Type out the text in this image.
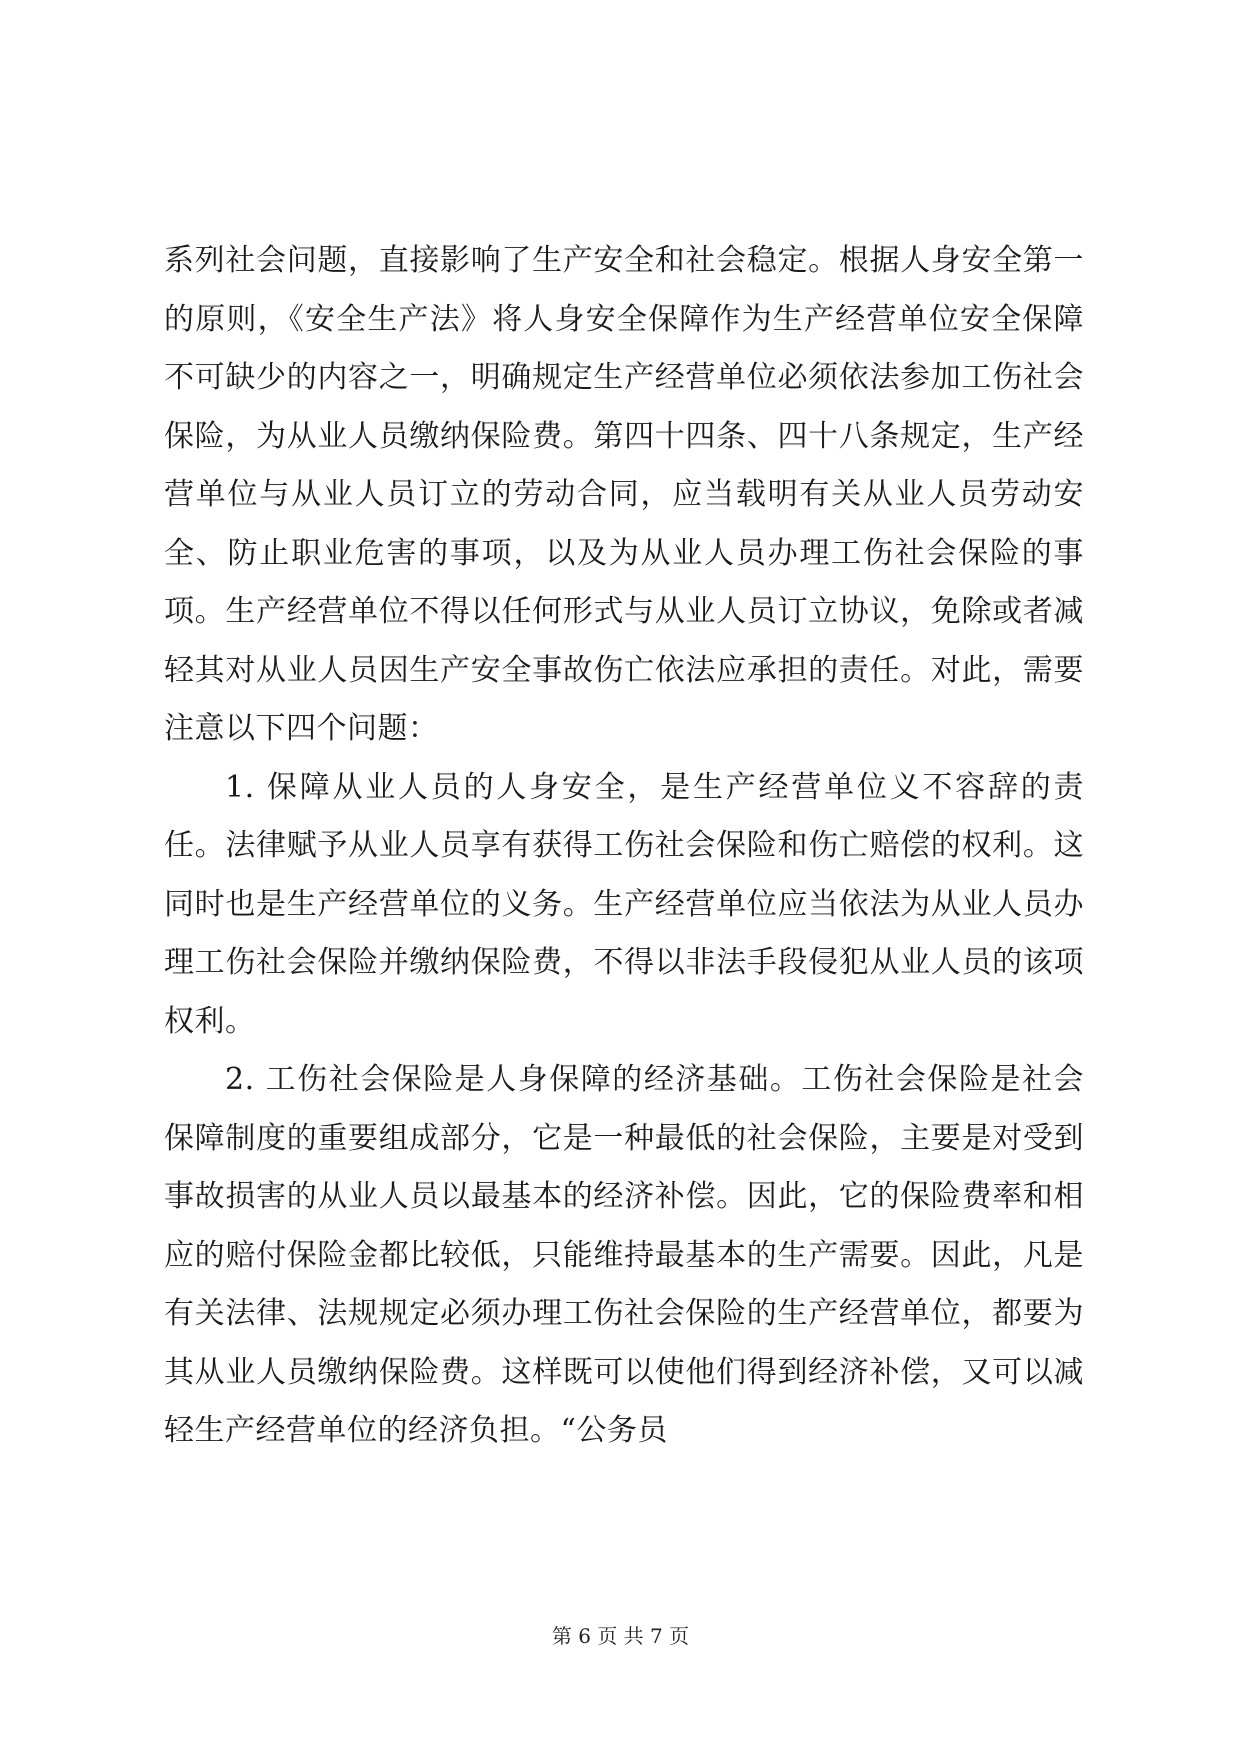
系列社会问题，直接影响了生产安全和社会稳定。根据人身安全第一的原则，《安全生产法》将人身安全保障作为生产经营单位安全保障不可缺少的内容之一，明确规定生产经营单位必须依法参加工伤社会保险，为从业人员缴纳保险费。第四十四条、四十八条规定，生产经营单位与从业人员订立的劳动合同，应当载明有关从业人员劳动安全、防止职业危害的事项，以及为从业人员办理工伤社会保险的事项。生产经营单位不得以任何形式与从业人员订立协议，免除或者减轻其对从业人员因生产安全事故伤亡依法应承担的责任。对此，需要注意以下四个问题：

1. 保障从业人员的人身安全，是生产经营单位义不容辞的责任。法律赋予从业人员享有获得工伤社会保险和伤亡赔偿的权利。这同时也是生产经营单位的义务。生产经营单位应当依法为从业人员办理工伤社会保险并缴纳保险费，不得以非法手段侵犯从业人员的该项权利。

2. 工伤社会保险是人身保障的经济基础。工伤社会保险是社会保障制度的重要组成部分，它是一种最低的社会保险，主要是对受到事故损害的从业人员以最基本的经济补偿。因此，它的保险费率和相应的赔付保险金都比较低，只能维持最基本的生产需要。因此，凡是有关法律、法规规定必须办理工伤社会保险的生产经营单位，都要为其从业人员缴纳保险费。这样既可以使他们得到经济补偿，又可以减轻生产经营单位的经济负担。“公务员

第 6 页 共 7 页
